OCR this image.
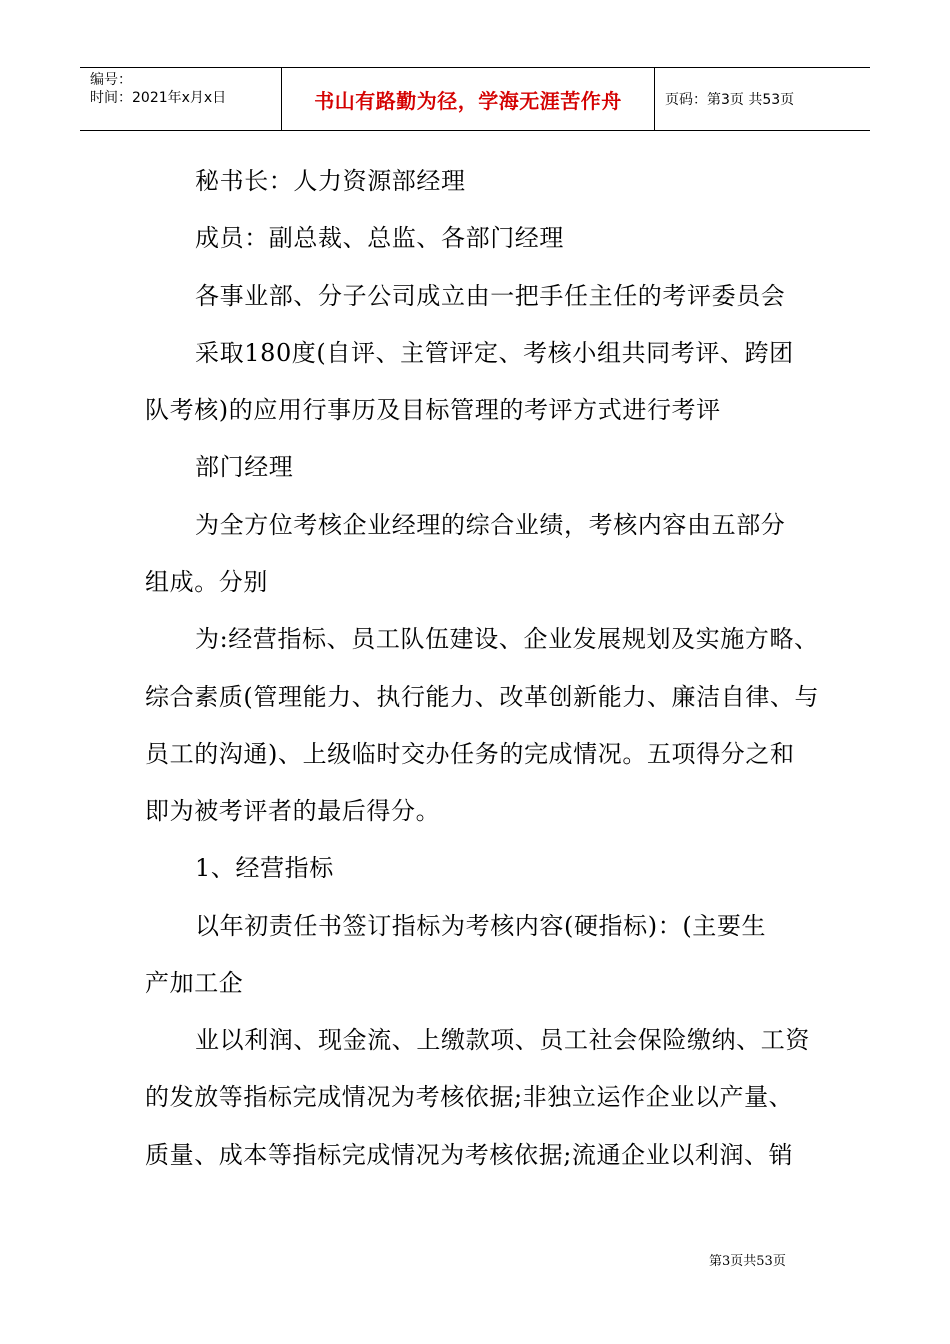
编号：
时间：2021年x月x日	书山有路勤为径，学海无涯苦作舟	页码：第3页 共53页
秘书长：人力资源部经理
成员：副总裁、总监、各部门经理
各事业部、分子公司成立由一把手任主任的考评委员会
采取180度(自评、主管评定、考核小组共同考评、跨团
队考核)的应用行事历及目标管理的考评方式进行考评
部门经理
为全方位考核企业经理的综合业绩，考核内容由五部分
组成。分别
为:经营指标、员工队伍建设、企业发展规划及实施方略、
综合素质(管理能力、执行能力、改革创新能力、廉洁自律、与
员工的沟通)、上级临时交办任务的完成情况。五项得分之和
即为被考评者的最后得分。
1、经营指标
以年初责任书签订指标为考核内容(硬指标)：(主要生
产加工企
业以利润、现金流、上缴款项、员工社会保险缴纳、工资
的发放等指标完成情况为考核依据;非独立运作企业以产量、
质量、成本等指标完成情况为考核依据;流通企业以利润、销
第3页共53页
